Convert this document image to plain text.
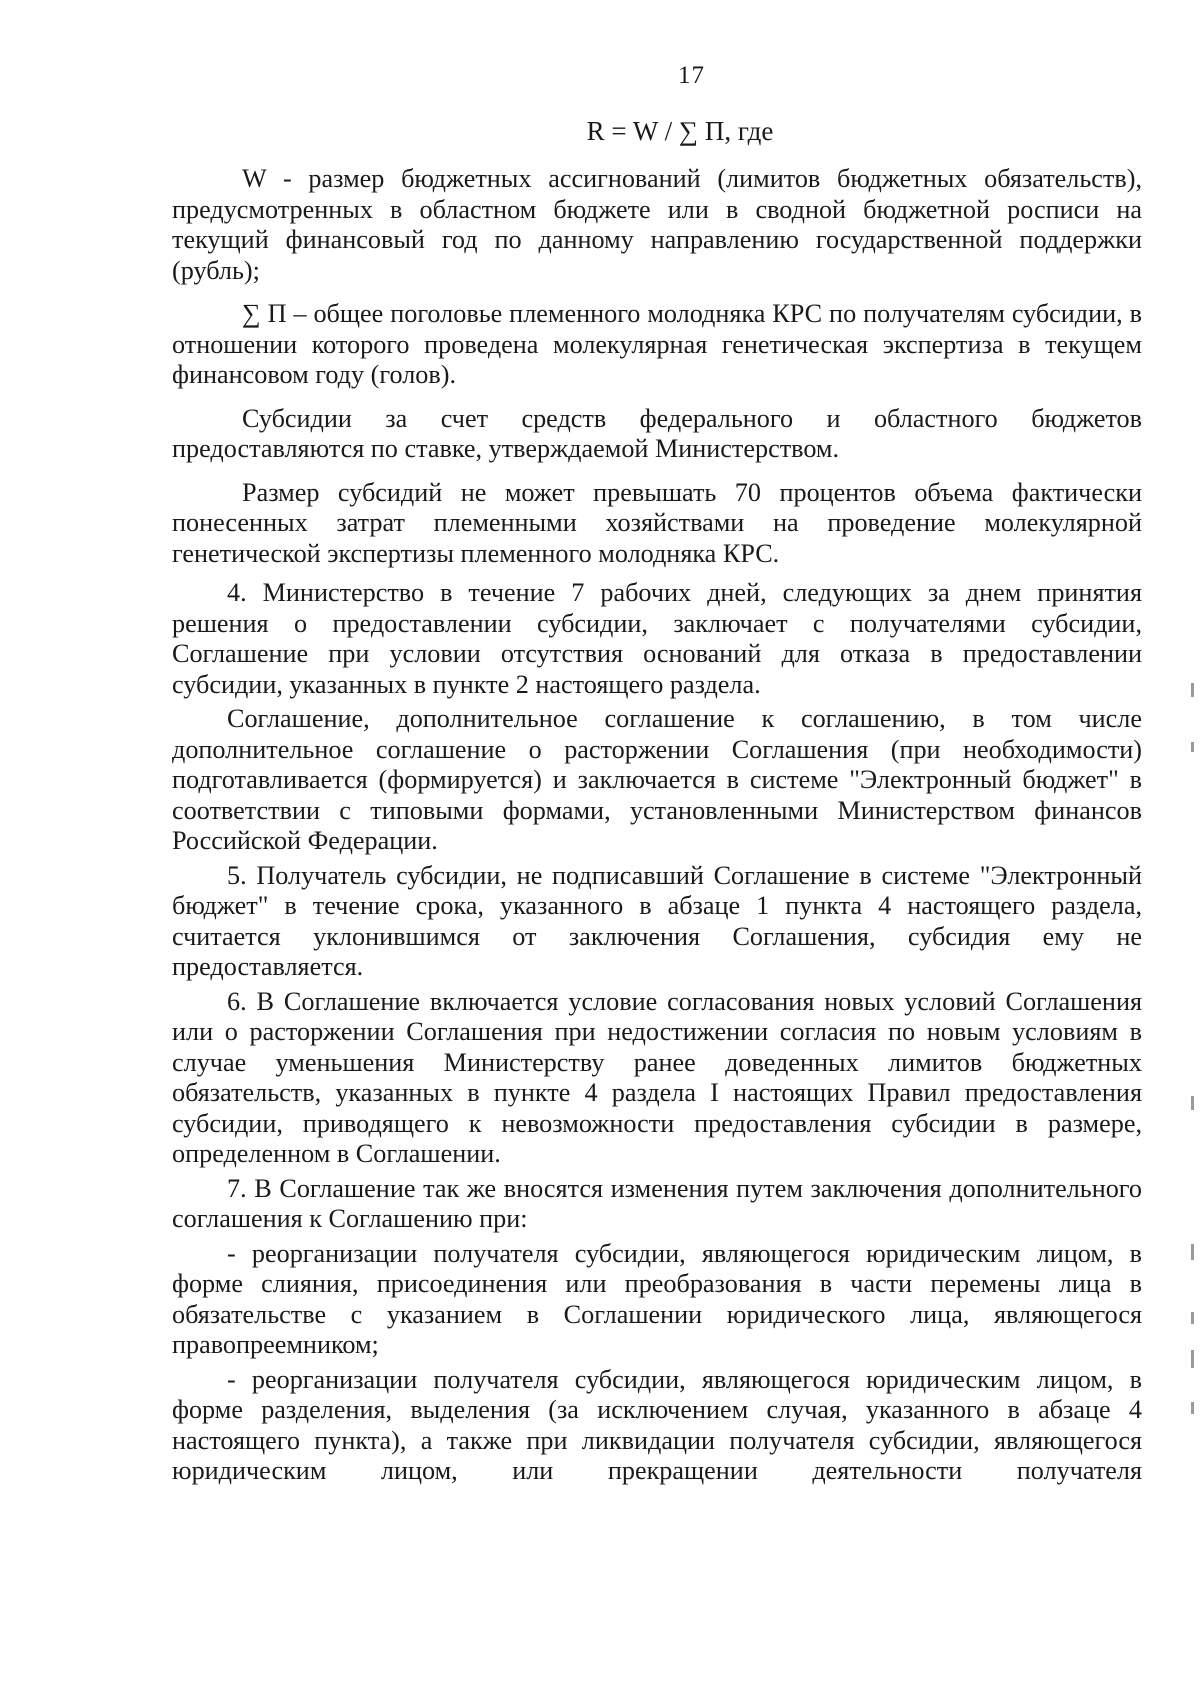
17
R = W / ∑ П, где

W - размер бюджетных ассигнований (лимитов бюджетных обязательств), предусмотренных в областном бюджете или в сводной бюджетной росписи на текущий финансовый год по данному направлению государственной поддержки (рубль);

∑ П – общее поголовье племенного молодняка КРС по получателям субсидии, в отношении которого проведена молекулярная генетическая экспертиза в текущем финансовом году (голов).

Субсидии за счет средств федерального и областного бюджетов предоставляются по ставке, утверждаемой Министерством.

Размер субсидий не может превышать 70 процентов объема фактически понесенных затрат племенными хозяйствами на проведение молекулярной генетической экспертизы племенного молодняка КРС.

4. Министерство в течение 7 рабочих дней, следующих за днем принятия решения о предоставлении субсидии, заключает с получателями субсидии, Соглашение при условии отсутствия оснований для отказа в предоставлении субсидии, указанных в пункте 2 настоящего раздела.

Соглашение, дополнительное соглашение к соглашению, в том числе дополнительное соглашение о расторжении Соглашения (при необходимости) подготавливается (формируется) и заключается в системе "Электронный бюджет" в соответствии с типовыми формами, установленными Министерством финансов Российской Федерации.

5. Получатель субсидии, не подписавший Соглашение в системе "Электронный бюджет" в течение срока, указанного в абзаце 1 пункта 4 настоящего раздела, считается уклонившимся от заключения Соглашения, субсидия ему не предоставляется.

6. В Соглашение включается условие согласования новых условий Соглашения или о расторжении Соглашения при недостижении согласия по новым условиям в случае уменьшения Министерству ранее доведенных лимитов бюджетных обязательств, указанных в пункте 4 раздела I настоящих Правил предоставления субсидии, приводящего к невозможности предоставления субсидии в размере, определенном в Соглашении.

7. В Соглашение так же вносятся изменения путем заключения дополнительного соглашения к Соглашению при:

- реорганизации получателя субсидии, являющегося юридическим лицом, в форме слияния, присоединения или преобразования в части перемены лица в обязательстве с указанием в Соглашении юридического лица, являющегося правопреемником;

- реорганизации получателя субсидии, являющегося юридическим лицом, в форме разделения, выделения (за исключением случая, указанного в абзаце 4 настоящего пункта), а также при ликвидации получателя субсидии, являющегося юридическим лицом, или прекращении деятельности получателя
